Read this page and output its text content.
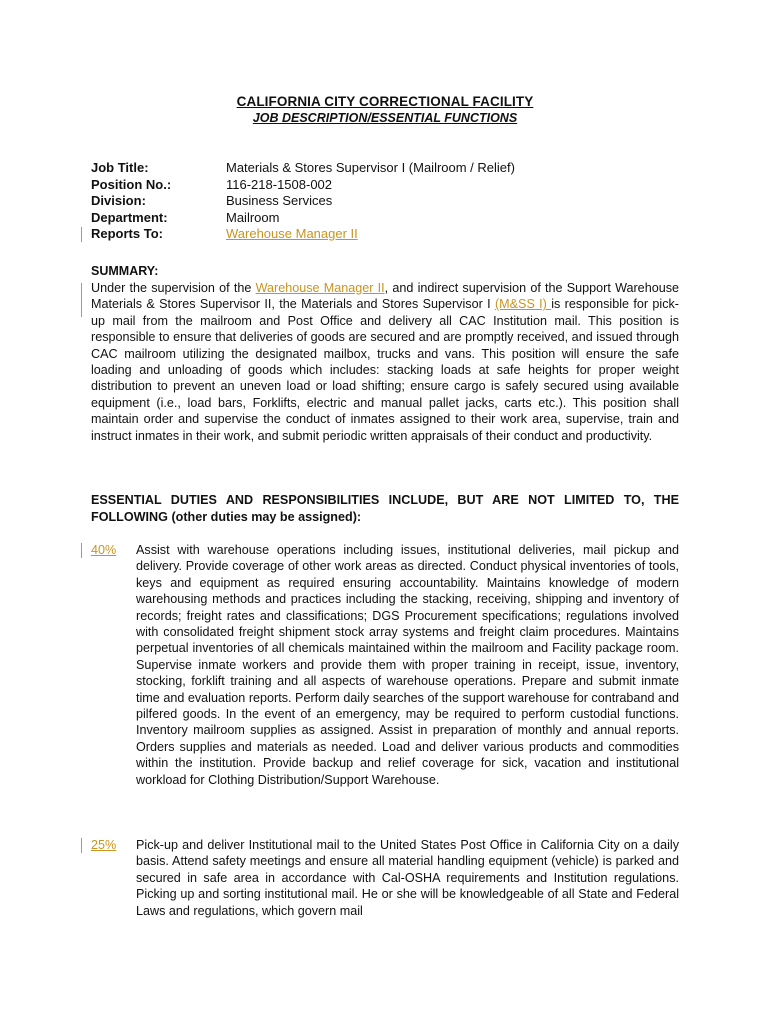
CALIFORNIA CITY CORRECTIONAL FACILITY
JOB DESCRIPTION/ESSENTIAL FUNCTIONS
Job Title:	Materials & Stores Supervisor I (Mailroom / Relief)
Position No.:	116-218-1508-002
Division:	Business Services
Department:	Mailroom
Reports To:	Warehouse Manager II
SUMMARY:

Under the supervision of the Warehouse Manager II, and indirect supervision of the Support Warehouse Materials & Stores Supervisor II, the Materials and Stores Supervisor I (M&SS I) is responsible for pick-up mail from the mailroom and Post Office and delivery all CAC Institution mail. This position is responsible to ensure that deliveries of goods are secured and are promptly received, and issued through CAC mailroom utilizing the designated mailbox, trucks and vans. This position will ensure the safe loading and unloading of goods which includes: stacking loads at safe heights for proper weight distribution to prevent an uneven load or load shifting; ensure cargo is safely secured using available equipment (i.e., load bars, Forklifts, electric and manual pallet jacks, carts etc.). This position shall maintain order and supervise the conduct of inmates assigned to their work area, supervise, train and instruct inmates in their work, and submit periodic written appraisals of their conduct and productivity.

ESSENTIAL DUTIES AND RESPONSIBILITIES INCLUDE, BUT ARE NOT LIMITED TO, THE FOLLOWING (other duties may be assigned):
40%	Assist with warehouse operations including issues, institutional deliveries, mail pickup and delivery. Provide coverage of other work areas as directed. Conduct physical inventories of tools, keys and equipment as required ensuring accountability. Maintains knowledge of modern warehousing methods and practices including the stacking, receiving, shipping and inventory of records; freight rates and classifications; DGS Procurement specifications; regulations involved with consolidated freight shipment stock array systems and freight claim procedures. Maintains perpetual inventories of all chemicals maintained within the mailroom and Facility package room. Supervise inmate workers and provide them with proper training in receipt, issue, inventory, stocking, forklift training and all aspects of warehouse operations. Prepare and submit inmate time and evaluation reports. Perform daily searches of the support warehouse for contraband and pilfered goods. In the event of an emergency, may be required to perform custodial functions. Inventory mailroom supplies as assigned. Assist in preparation of monthly and annual reports. Orders supplies and materials as needed. Load and deliver various products and commodities within the institution. Provide backup and relief coverage for sick, vacation and institutional workload for Clothing Distribution/Support Warehouse.

25%	Pick-up and deliver Institutional mail to the United States Post Office in California City on a daily basis. Attend safety meetings and ensure all material handling equipment (vehicle) is parked and secured in safe area in accordance with Cal-OSHA requirements and Institution regulations. Picking up and sorting institutional mail. He or she will be knowledgeable of all State and Federal Laws and regulations, which govern mail
